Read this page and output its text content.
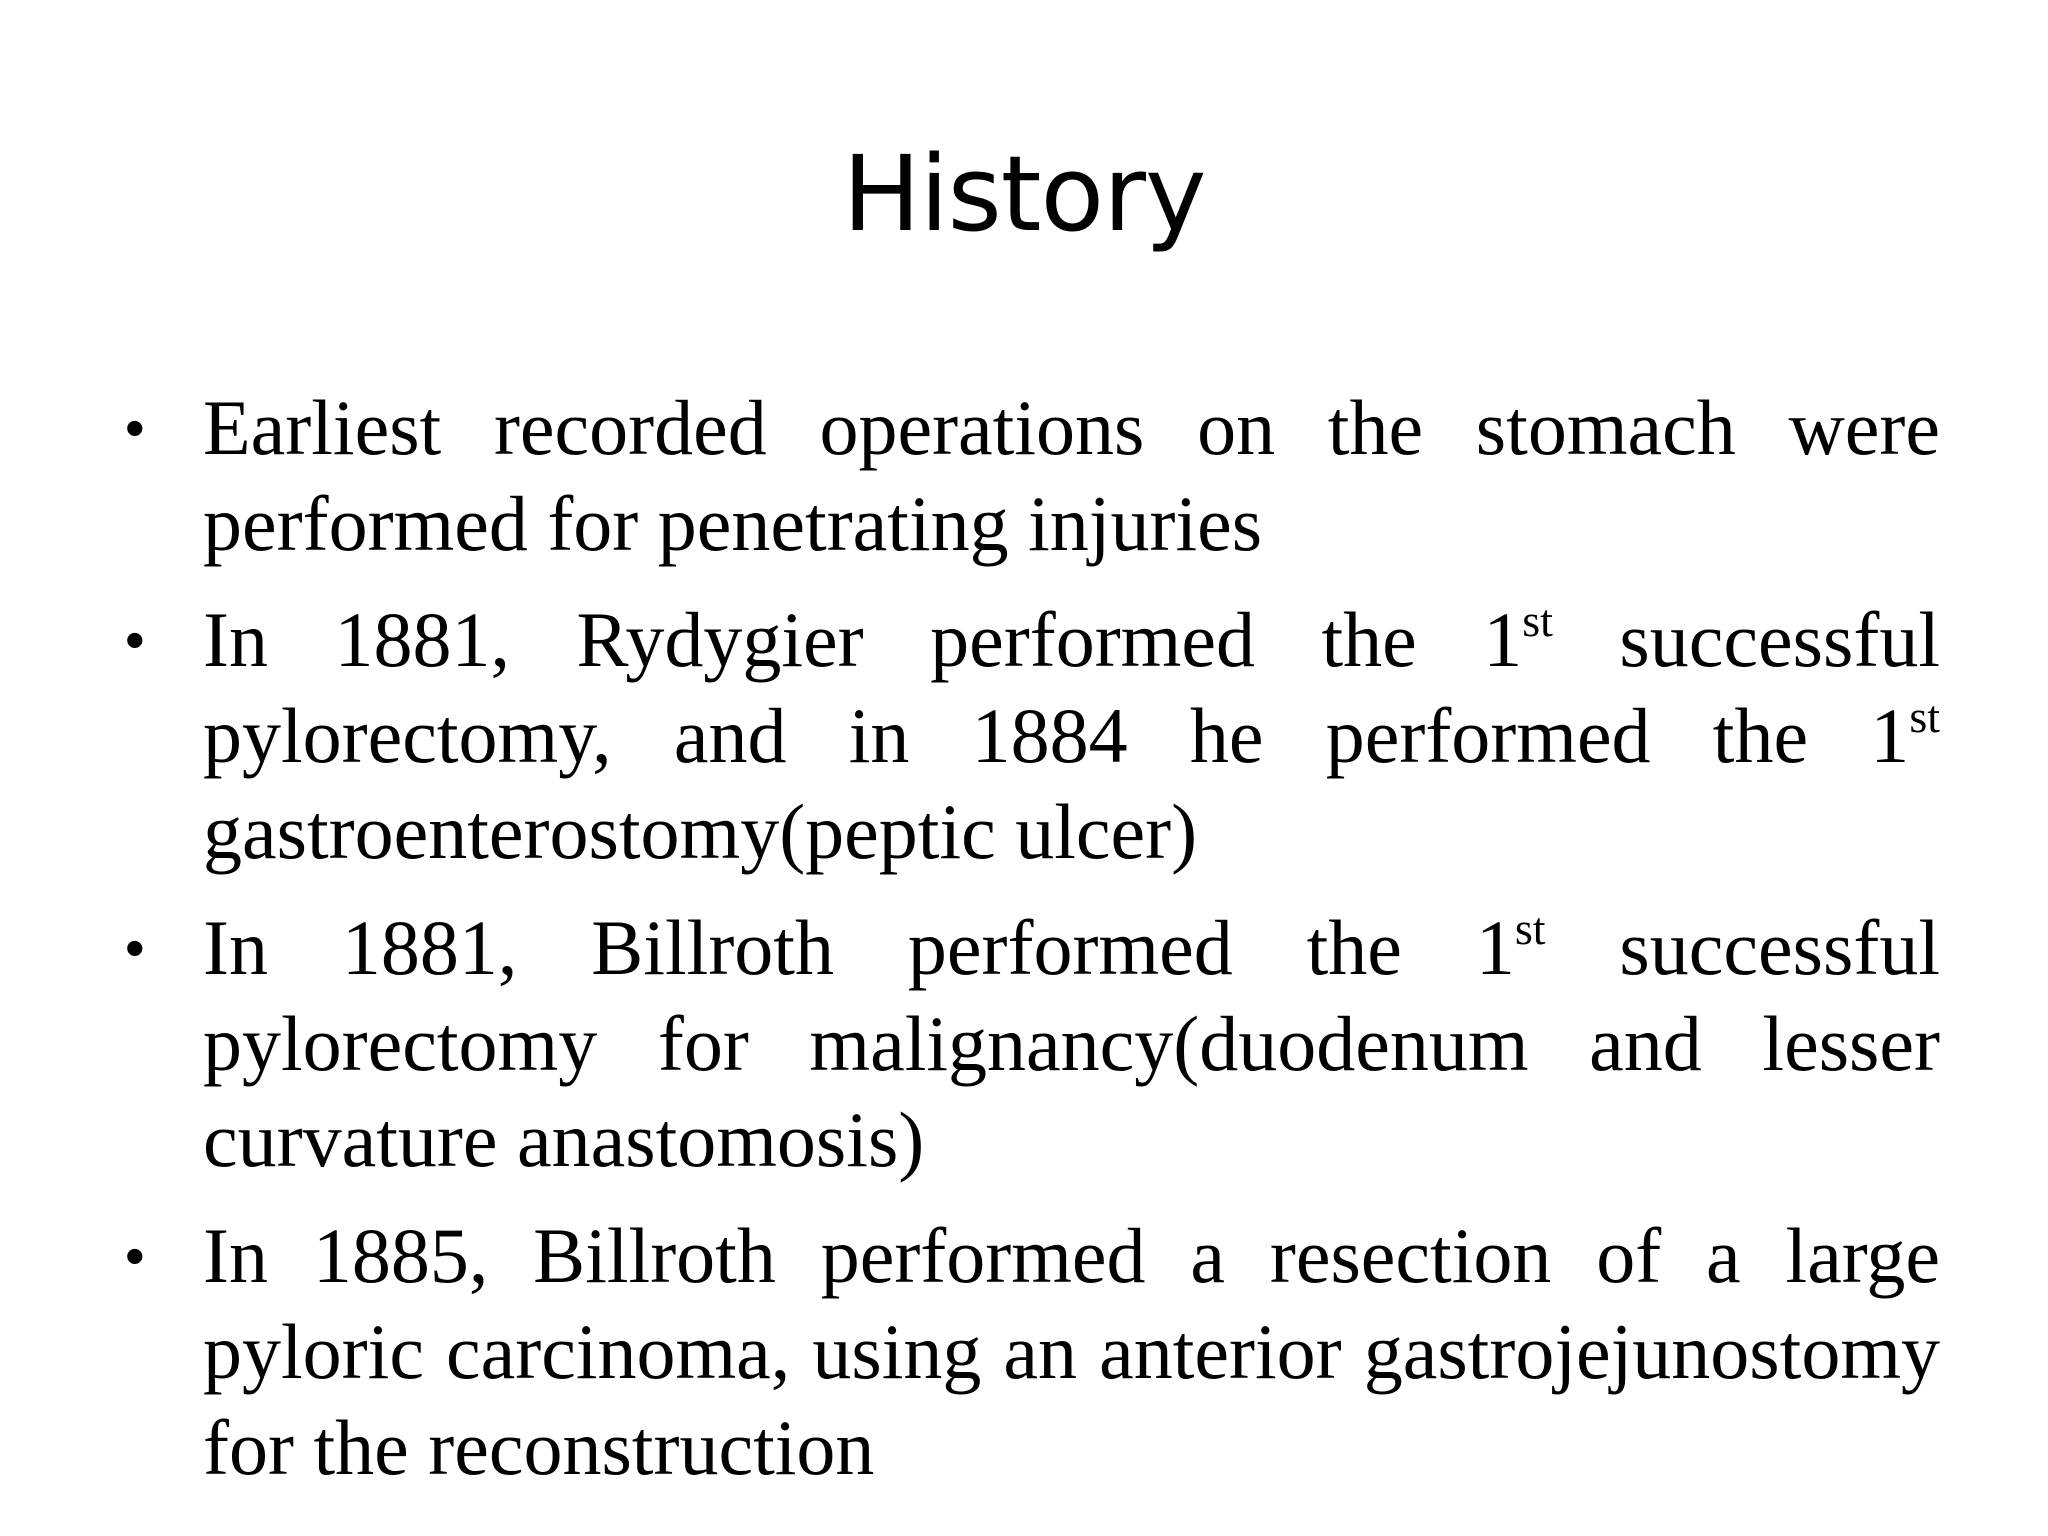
History
• Earliest recorded operations on the stomach were performed for penetrating injuries
• In 1881, Rydygier performed the 1st successful pylorectomy, and in 1884 he performed the 1st gastroenterostomy(peptic ulcer)
• In 1881, Billroth performed the 1st successful pylorectomy for malignancy(duodenum and lesser curvature anastomosis)
• In 1885, Billroth performed a resection of a large pyloric carcinoma, using an anterior gastrojejunostomy for the reconstruction
